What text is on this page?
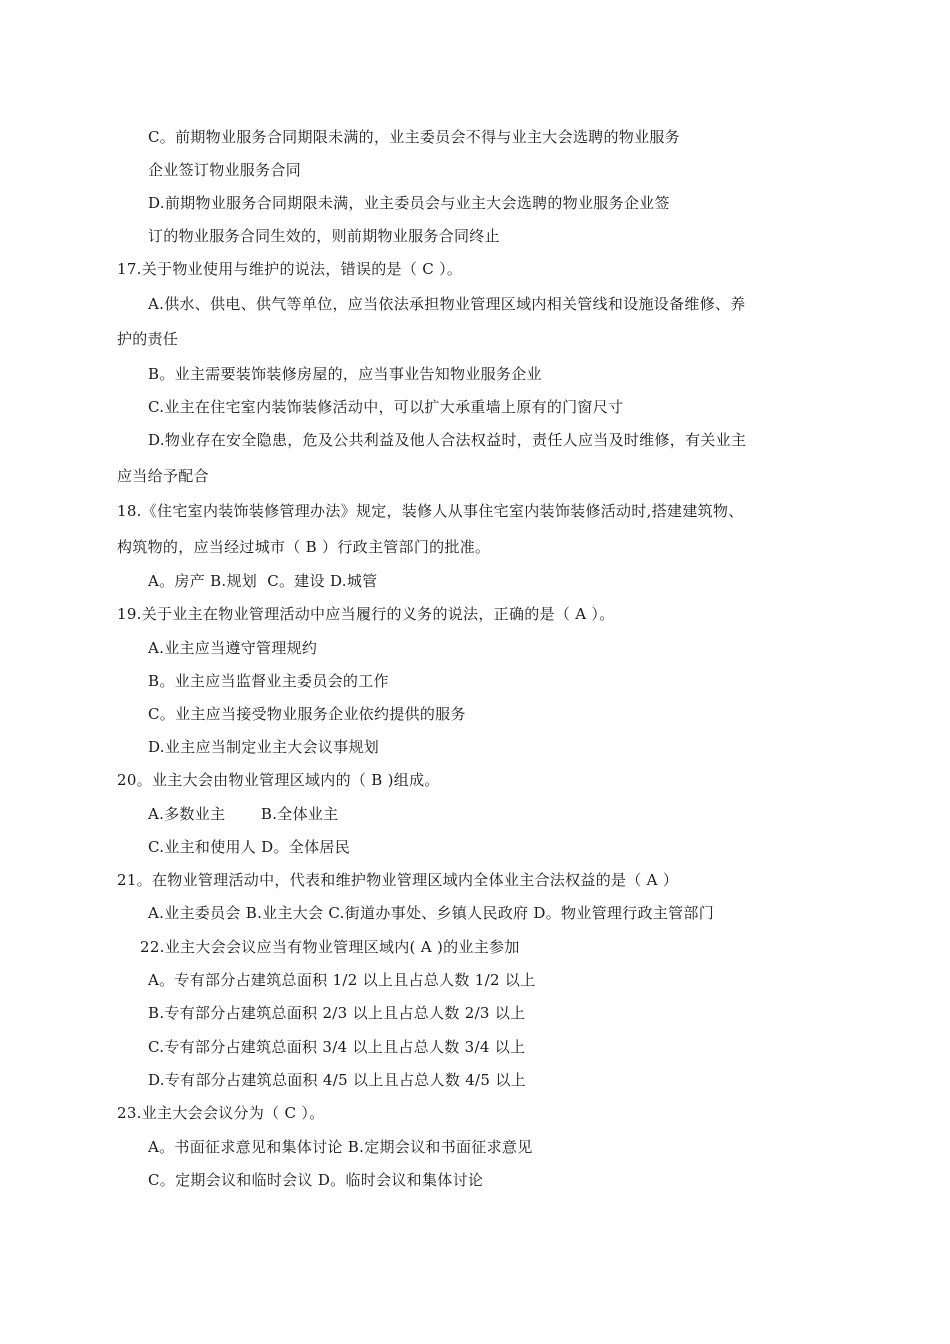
C。前期物业服务合同期限未满的，业主委员会不得与业主大会选聘的物业服务
企业签订物业服务合同
D.前期物业服务合同期限未满，业主委员会与业主大会选聘的物业服务企业签
订的物业服务合同生效的，则前期物业服务合同终止
17.关于物业使用与维护的说法，错误的是（ C ）。
A.供水、供电、供气等单位，应当依法承担物业管理区域内相关管线和设施设备维修、养
护的责任
B。业主需要装饰装修房屋的，应当事业告知物业服务企业
C.业主在住宅室内装饰装修活动中，可以扩大承重墙上原有的门窗尺寸
D.物业存在安全隐患，危及公共利益及他人合法权益时，责任人应当及时维修，有关业主
应当给予配合
18.《住宅室内装饰装修管理办法》规定，装修人从事住宅室内装饰装修活动时,搭建建筑物、
构筑物的，应当经过城市（ B ）行政主管部门的批准。
A。房产 B.规划  C。建设 D.城管
19.关于业主在物业管理活动中应当履行的义务的说法，正确的是（ A ）。
A.业主应当遵守管理规约
B。业主应当监督业主委员会的工作
C。业主应当接受物业服务企业依约提供的服务
D.业主应当制定业主大会议事规划
20。业主大会由物业管理区域内的（ B )组成。
A.多数业主       B.全体业主
C.业主和使用人 D。全体居民
21。在物业管理活动中，代表和维护物业管理区域内全体业主合法权益的是（ A ）
A.业主委员会 B.业主大会 C.街道办事处、乡镇人民政府 D。物业管理行政主管部门
22.业主大会会议应当有物业管理区域内( A )的业主参加
A。专有部分占建筑总面积 1/2 以上且占总人数 1/2 以上
B.专有部分占建筑总面积 2/3 以上且占总人数 2/3 以上
C.专有部分占建筑总面积 3/4 以上且占总人数 3/4 以上
D.专有部分占建筑总面积 4/5 以上且占总人数 4/5 以上
23.业主大会会议分为（ C ）。
A。书面征求意见和集体讨论 B.定期会议和书面征求意见
C。定期会议和临时会议 D。临时会议和集体讨论
